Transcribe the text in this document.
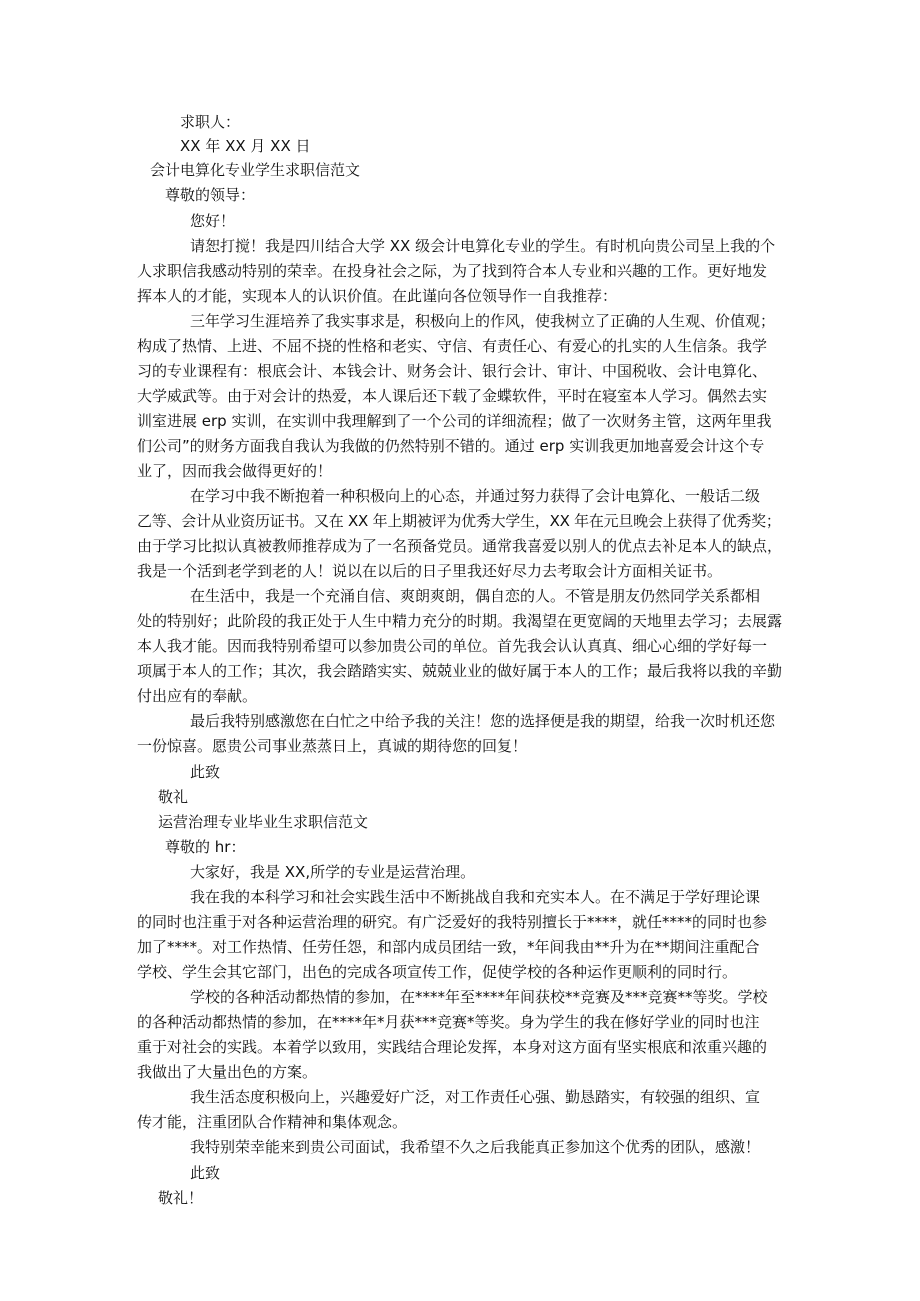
求职人：

XX 年 XX 月 XX 日

会计电算化专业学生求职信范文

尊敬的领导：

您好！

请恕打搅！我是四川结合大学 XX 级会计电算化专业的学生。有时机向贵公司呈上我的个

人求职信我感动特别的荣幸。在投身社会之际，为了找到符合本人专业和兴趣的工作。更好地发

挥本人的才能，实现本人的认识价值。在此谨向各位领导作一自我推荐：

三年学习生涯培养了我实事求是，积极向上的作风，使我树立了正确的人生观、价值观；

构成了热情、上进、不屈不挠的性格和老实、守信、有责任心、有爱心的扎实的人生信条。我学

习的专业课程有：根底会计、本钱会计、财务会计、银行会计、审计、中国税收、会计电算化、

大学威武等。由于对会计的热爱，本人课后还下载了金蝶软件，平时在寝室本人学习。偶然去实

训室进展 erp 实训，在实训中我理解到了一个公司的详细流程；做了一次财务主管，这两年里我

们公司”的财务方面我自我认为我做的仍然特别不错的。通过 erp 实训我更加地喜爱会计这个专

业了，因而我会做得更好的！

在学习中我不断抱着一种积极向上的心态，并通过努力获得了会计电算化、一般话二级

乙等、会计从业资历证书。又在 XX 年上期被评为优秀大学生，XX 年在元旦晚会上获得了优秀奖；

由于学习比拟认真被教师推荐成为了一名预备党员。通常我喜爱以别人的优点去补足本人的缺点，

我是一个活到老学到老的人！说以在以后的日子里我还好尽力去考取会计方面相关证书。

在生活中，我是一个充涌自信、爽朗爽朗，偶自恋的人。不管是朋友仍然同学关系都相

处的特别好；此阶段的我正处于人生中精力充分的时期。我渴望在更宽阔的天地里去学习；去展露

本人我才能。因而我特别希望可以参加贵公司的单位。首先我会认认真真、细心心细的学好每一

项属于本人的工作；其次，我会踏踏实实、兢兢业业的做好属于本人的工作；最后我将以我的辛勤

付出应有的奉献。

最后我特别感激您在白忙之中给予我的关注！您的选择便是我的期望，给我一次时机还您

一份惊喜。愿贵公司事业蒸蒸日上，真诚的期待您的回复！

此致

敬礼

运营治理专业毕业生求职信范文

尊敬的 hr：

大家好，我是 XX,所学的专业是运营治理。

我在我的本科学习和社会实践生活中不断挑战自我和充实本人。在不满足于学好理论课

的同时也注重于对各种运营治理的研究。有广泛爱好的我特别擅长于****，就任****的同时也参

加了****。对工作热情、任劳任怨，和部内成员团结一致，*年间我由**升为在**期间注重配合

学校、学生会其它部门，出色的完成各项宣传工作，促使学校的各种运作更顺利的同时行。

学校的各种活动都热情的参加，在****年至****年间获校**竞赛及***竞赛**等奖。学校

的各种活动都热情的参加，在****年*月获***竞赛*等奖。身为学生的我在修好学业的同时也注

重于对社会的实践。本着学以致用，实践结合理论发挥，本身对这方面有坚实根底和浓重兴趣的

我做出了大量出色的方案。

我生活态度积极向上，兴趣爱好广泛，对工作责任心强、勤恳踏实，有较强的组织、宣

传才能，注重团队合作精神和集体观念。

我特别荣幸能来到贵公司面试，我希望不久之后我能真正参加这个优秀的团队，感激！

此致

敬礼！
